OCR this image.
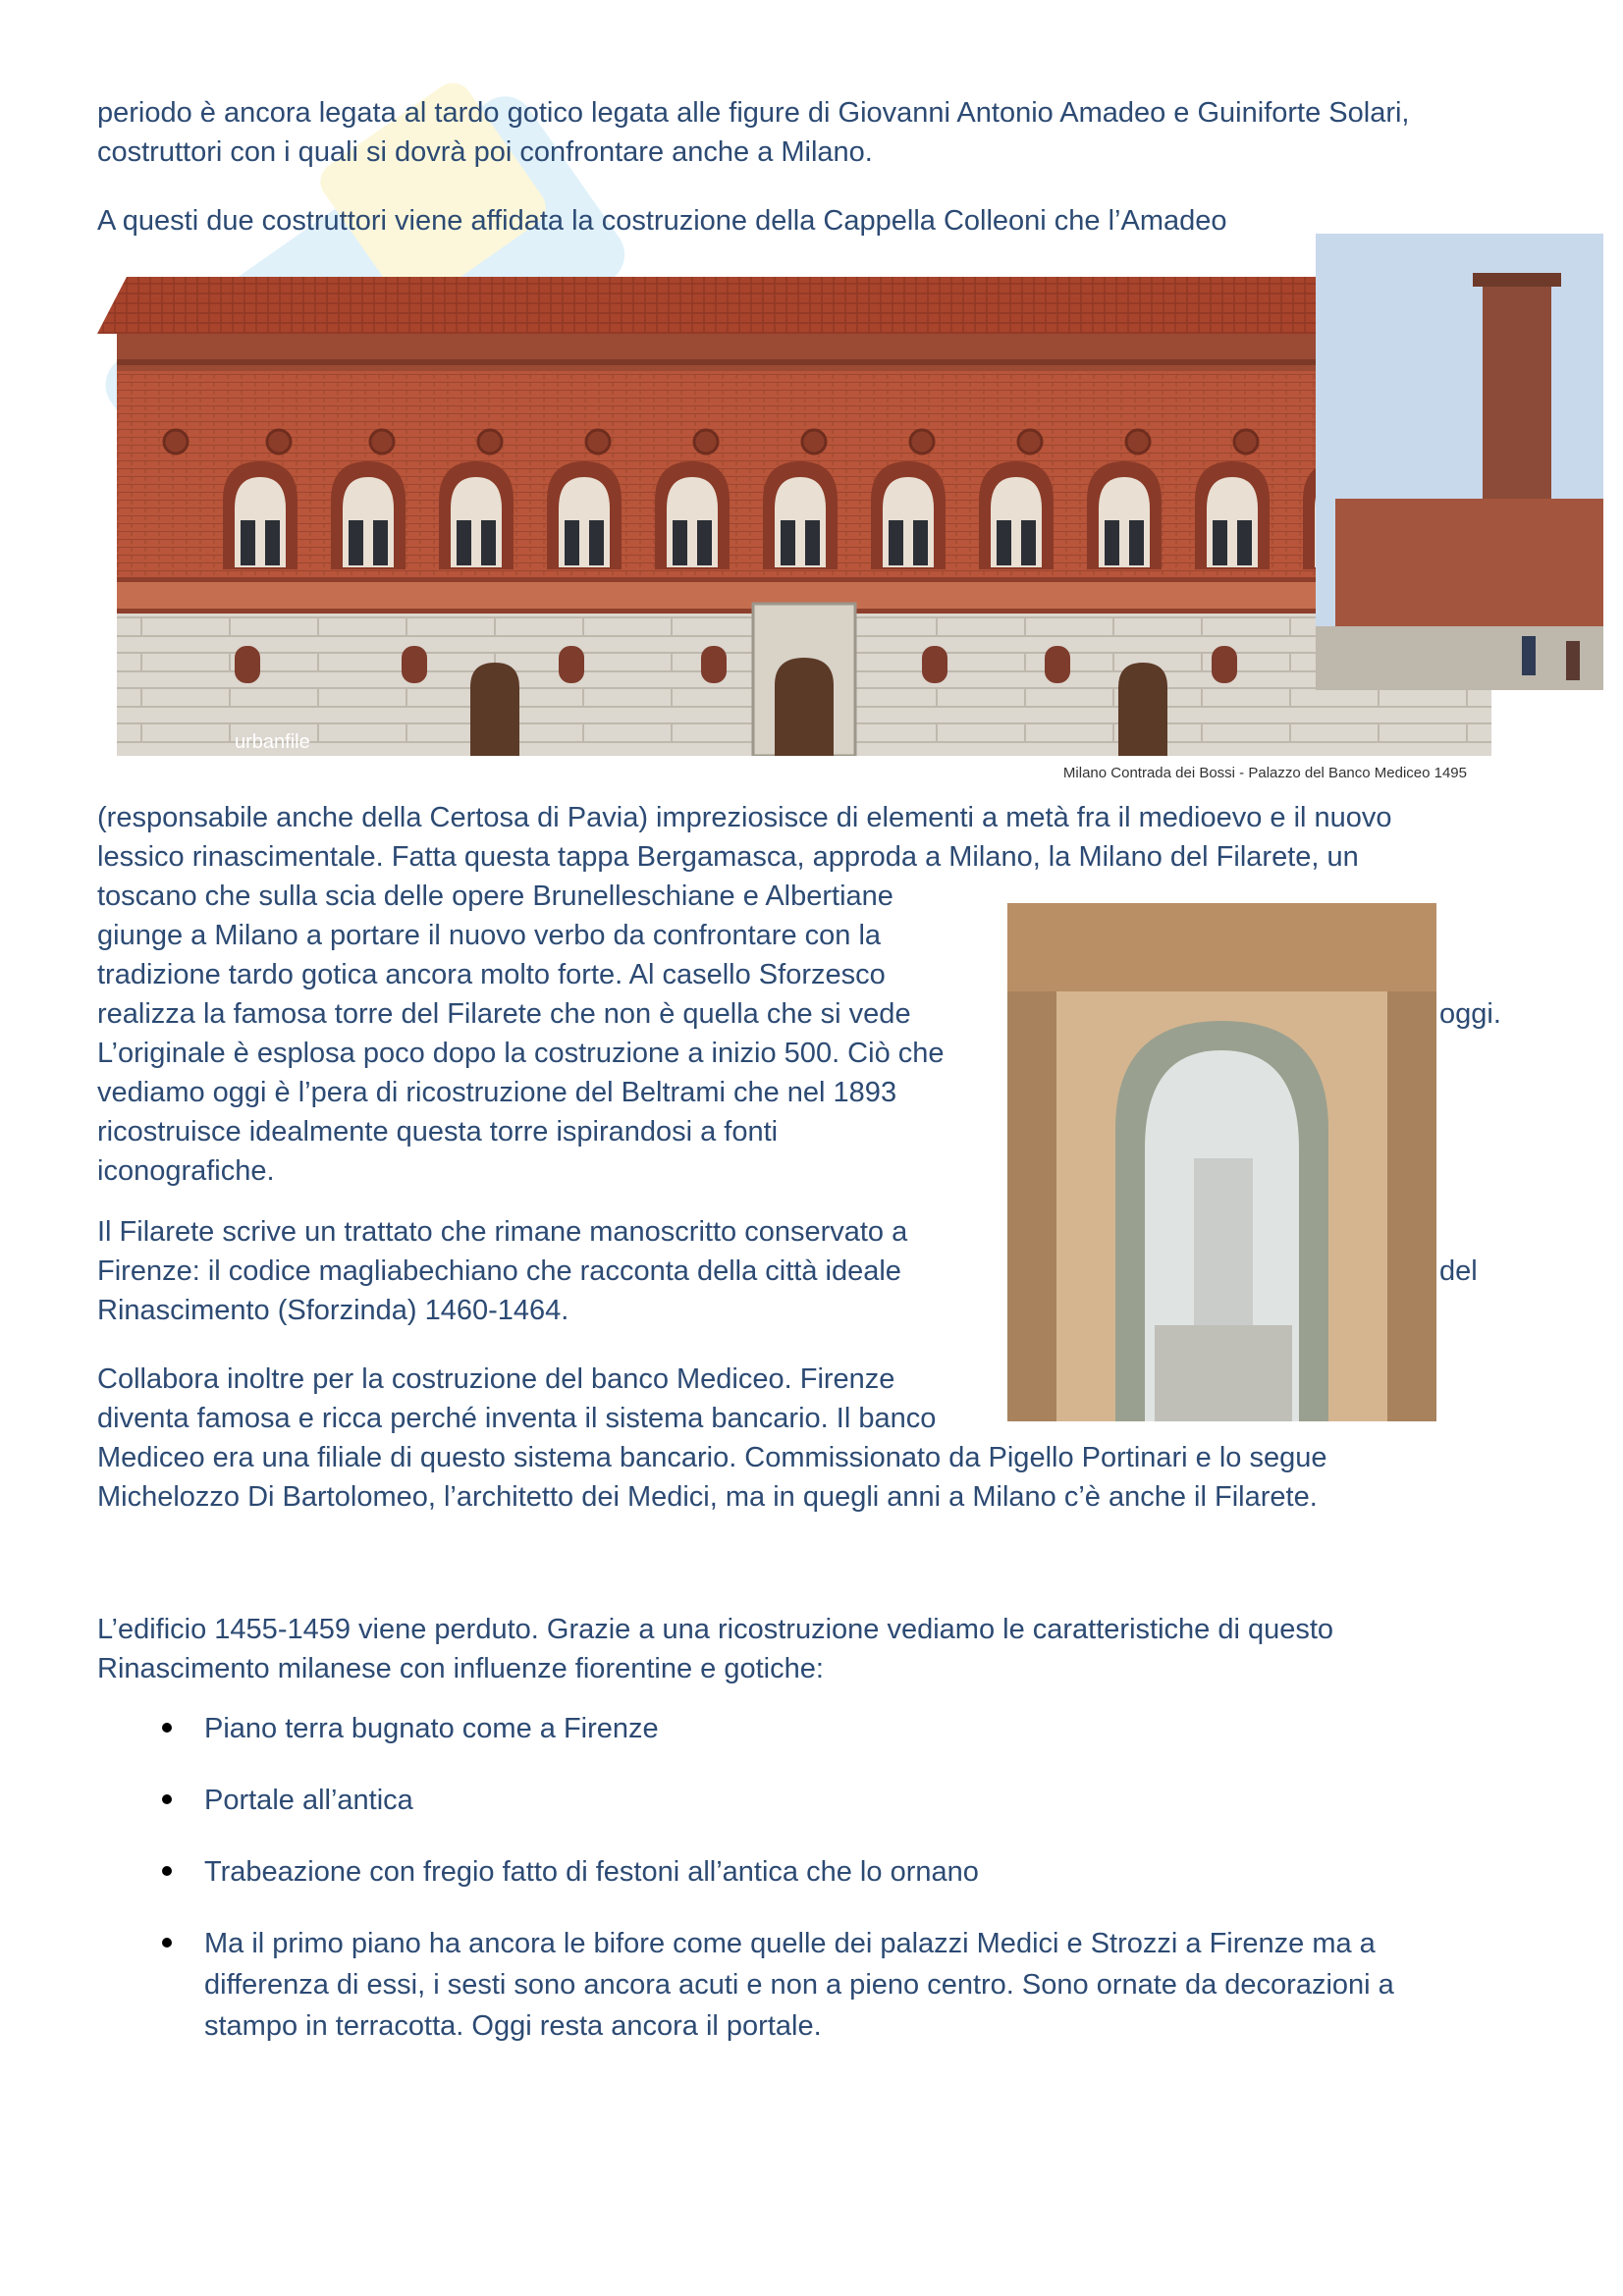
periodo è ancora legata al tardo gotico legata alle figure di Giovanni Antonio Amadeo e Guiniforte Solari,
costruttori con i quali si dovrà poi confrontare anche a Milano.

A questi due costruttori viene affidata la costruzione della Cappella Colleoni che l’Amadeo

urbanfile
Milano Contrada dei Bossi - Palazzo del Banco Mediceo 1495

(responsabile anche della Certosa di Pavia) impreziosisce di elementi a metà fra il medioevo e il nuovo
lessico rinascimentale. Fatta questa tappa Bergamasca, approda a Milano, la Milano del Filarete, un
toscano che sulla scia delle opere Brunelleschiane e Albertiane
giunge a Milano a portare il nuovo verbo da confrontare con la
tradizione tardo gotica ancora molto forte. Al casello Sforzesco
realizza la famosa torre del Filarete che non è quella che si vede
L’originale è esplosa poco dopo la costruzione a inizio 500. Ciò che
vediamo oggi è l’pera di ricostruzione del Beltrami che nel 1893
ricostruisce idealmente questa torre ispirandosi a fonti
iconografiche.

oggi.

Il Filarete scrive un trattato che rimane manoscritto conservato a
Firenze: il codice magliabechiano che racconta della città ideale
Rinascimento (Sforzinda) 1460-1464.

del

Collabora inoltre per la costruzione del banco Mediceo. Firenze
diventa famosa e ricca perché inventa il sistema bancario. Il banco
Mediceo era una filiale di questo sistema bancario. Commissionato da Pigello Portinari e lo segue
Michelozzo Di Bartolomeo, l’architetto dei Medici, ma in quegli anni a Milano c’è anche il Filarete.

L’edificio 1455-1459 viene perduto. Grazie a una ricostruzione vediamo le caratteristiche di questo
Rinascimento milanese con influenze fiorentine e gotiche:

Piano terra bugnato come a Firenze
Portale all’antica
Trabeazione con fregio fatto di festoni all’antica che lo ornano
Ma il primo piano ha ancora le bifore come quelle dei palazzi Medici e Strozzi a Firenze ma a
differenza di essi, i sesti sono ancora acuti e non a pieno centro. Sono ornate da decorazioni a
stampo in terracotta. Oggi resta ancora il portale.
